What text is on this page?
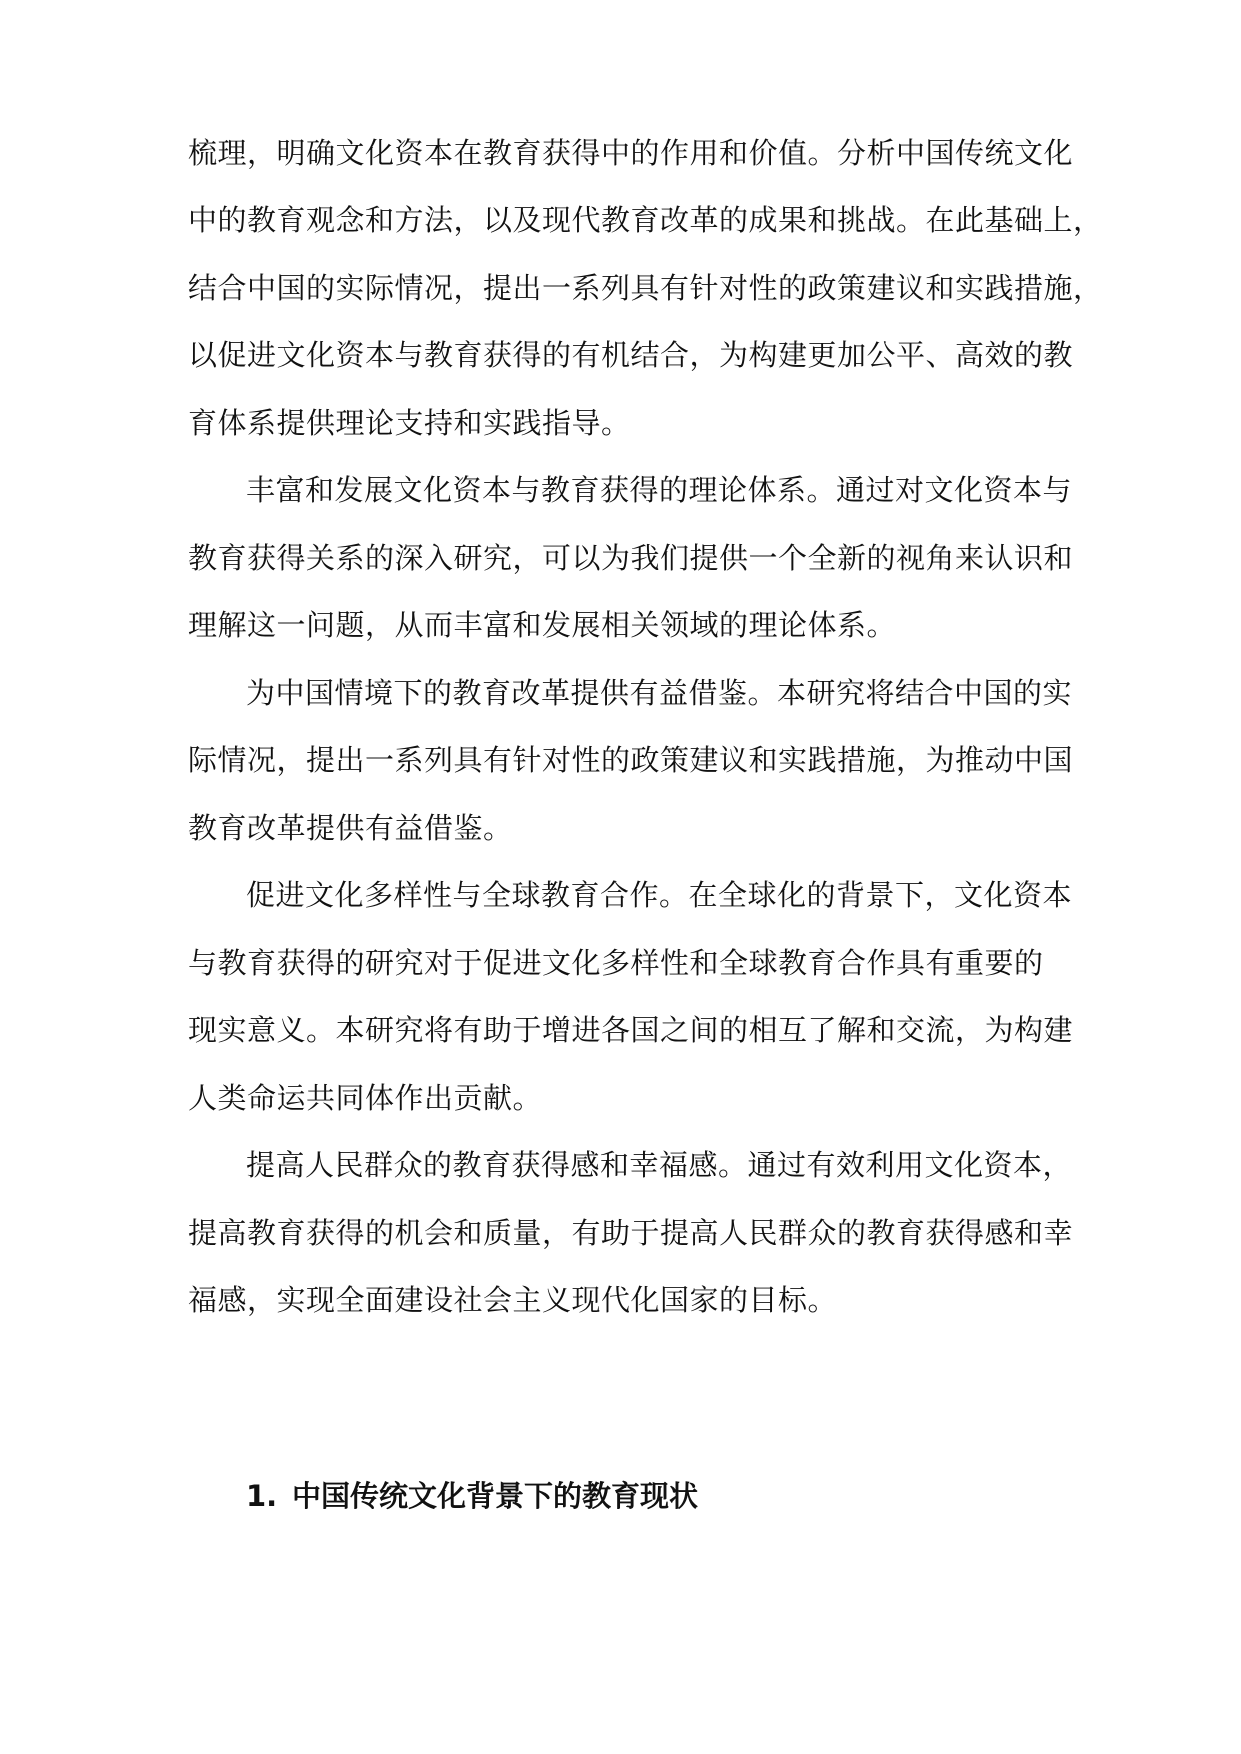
梳理，明确文化资本在教育获得中的作用和价值。分析中国传统文化
中的教育观念和方法，以及现代教育改革的成果和挑战。在此基础上，
结合中国的实际情况，提出一系列具有针对性的政策建议和实践措施，
以促进文化资本与教育获得的有机结合，为构建更加公平、高效的教
育体系提供理论支持和实践指导。
丰富和发展文化资本与教育获得的理论体系。通过对文化资本与
教育获得关系的深入研究，可以为我们提供一个全新的视角来认识和
理解这一问题，从而丰富和发展相关领域的理论体系。
为中国情境下的教育改革提供有益借鉴。本研究将结合中国的实
际情况，提出一系列具有针对性的政策建议和实践措施，为推动中国
教育改革提供有益借鉴。
促进文化多样性与全球教育合作。在全球化的背景下，文化资本
与教育获得的研究对于促进文化多样性和全球教育合作具有重要的
现实意义。本研究将有助于增进各国之间的相互了解和交流，为构建
人类命运共同体作出贡献。
提高人民群众的教育获得感和幸福感。通过有效利用文化资本，
提高教育获得的机会和质量，有助于提高人民群众的教育获得感和幸
福感，实现全面建设社会主义现代化国家的目标。
1. 中国传统文化背景下的教育现状
